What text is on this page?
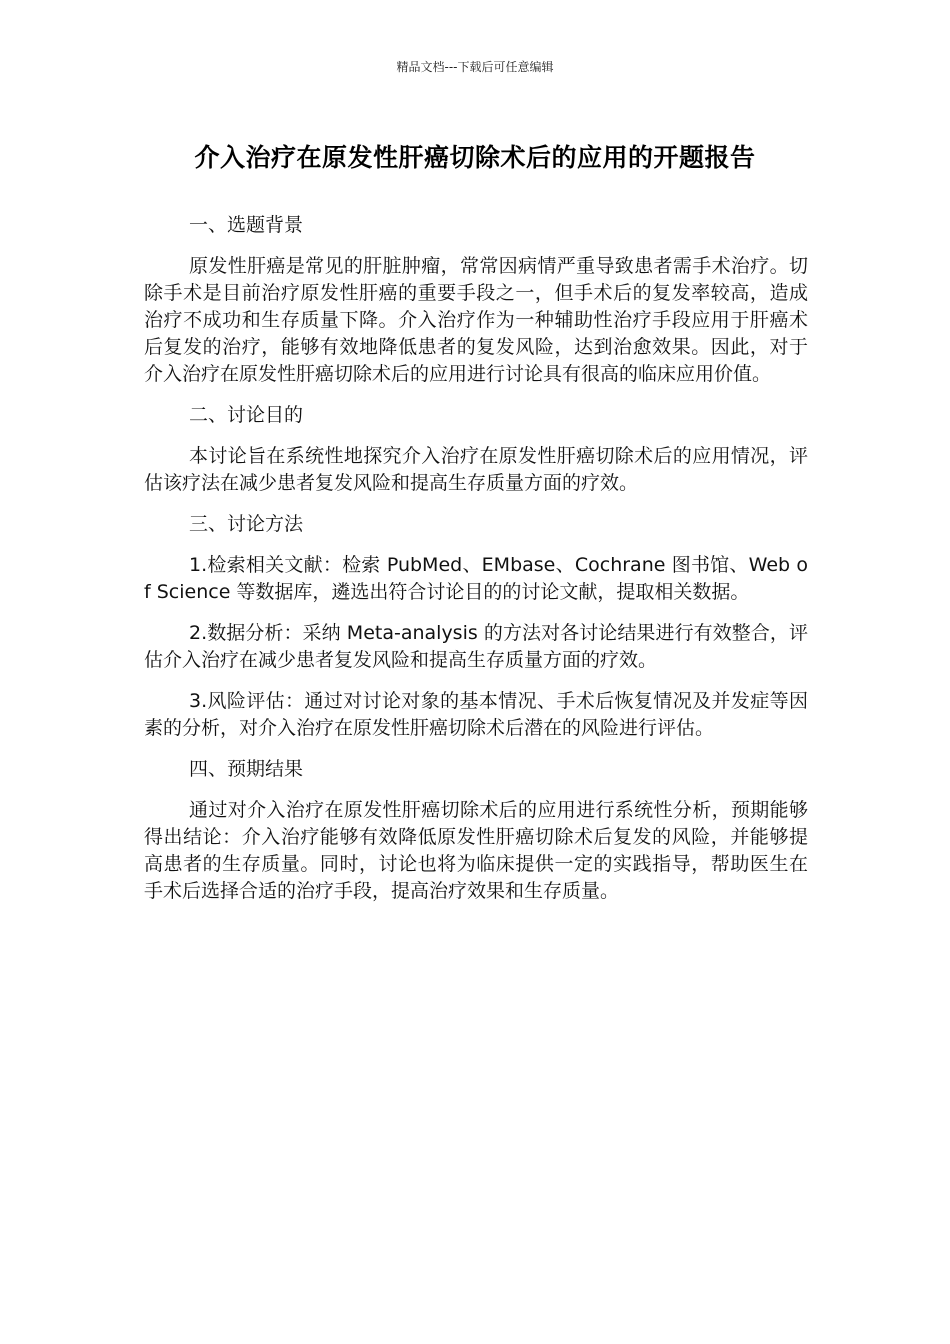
精品文档---下载后可任意编辑
介入治疗在原发性肝癌切除术后的应用的开题报告

一、选题背景

原发性肝癌是常见的肝脏肿瘤，常常因病情严重导致患者需手术治疗。切除手术是目前治疗原发性肝癌的重要手段之一，但手术后的复发率较高，造成治疗不成功和生存质量下降。介入治疗作为一种辅助性治疗手段应用于肝癌术后复发的治疗，能够有效地降低患者的复发风险，达到治愈效果。因此，对于介入治疗在原发性肝癌切除术后的应用进行讨论具有很高的临床应用价值。

二、讨论目的

本讨论旨在系统性地探究介入治疗在原发性肝癌切除术后的应用情况，评估该疗法在减少患者复发风险和提高生存质量方面的疗效。

三、讨论方法

1.检索相关文献：检索 PubMed、EMbase、Cochrane 图书馆、Web of Science 等数据库，遴选出符合讨论目的的讨论文献，提取相关数据。

2.数据分析：采纳 Meta-analysis 的方法对各讨论结果进行有效整合，评估介入治疗在减少患者复发风险和提高生存质量方面的疗效。

3.风险评估：通过对讨论对象的基本情况、手术后恢复情况及并发症等因素的分析，对介入治疗在原发性肝癌切除术后潜在的风险进行评估。

四、预期结果

通过对介入治疗在原发性肝癌切除术后的应用进行系统性分析，预期能够得出结论：介入治疗能够有效降低原发性肝癌切除术后复发的风险，并能够提高患者的生存质量。同时，讨论也将为临床提供一定的实践指导，帮助医生在手术后选择合适的治疗手段，提高治疗效果和生存质量。
